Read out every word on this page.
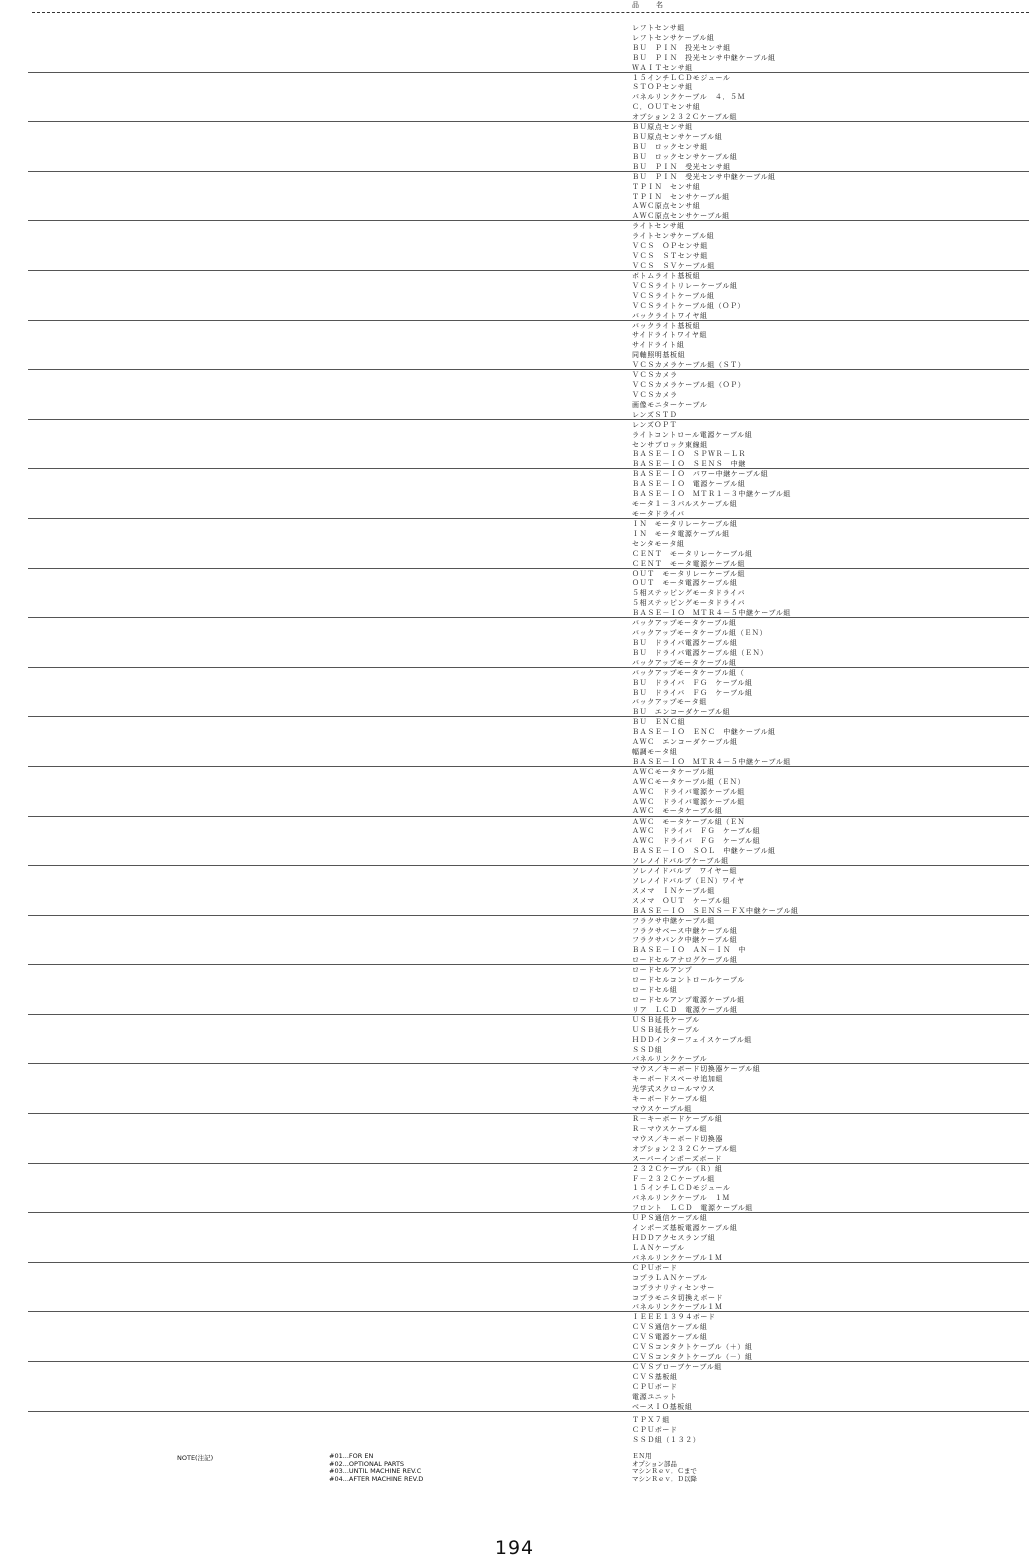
品　名
レフトセンサ組
レフトセンサケーブル組
ＢＵ　ＰＩＮ　投光センサ組
ＢＵ　ＰＩＮ　投光センサ中継ケーブル組
ＷＡＩＴセンサ組
１５インチＬＣＤモジュール
ＳＴＯＰセンサ組
パネルリンクケーブル　４．５Ｍ
Ｃ．ＯＵＴセンサ組
オプション２３２Ｃケーブル組
ＢＵ原点センサ組
ＢＵ原点センサケーブル組
ＢＵ　ロックセンサ組
ＢＵ　ロックセンサケーブル組
ＢＵ　ＰＩＮ　受光センサ組
ＢＵ　ＰＩＮ　受光センサ中継ケーブル組
ＴＰＩＮ　センサ組
ＴＰＩＮ　センサケーブル組
ＡＷＣ原点センサ組
ＡＷＣ原点センサケーブル組
ライトセンサ組
ライトセンサケーブル組
ＶＣＳ　ＯＰセンサ組
ＶＣＳ　ＳＴセンサ組
ＶＣＳ　ＳＶケーブル組
ボトムライト基板組
ＶＣＳライトリレーケーブル組
ＶＣＳライトケーブル組
ＶＣＳライトケーブル組（ＯＰ）
バックライトワイヤ組
バックライト基板組
サイドライトワイヤ組
サイドライト組
同軸照明基板組
ＶＣＳカメラケーブル組（ＳＴ）
ＶＣＳカメラ
ＶＣＳカメラケーブル組（ＯＰ）
ＶＣＳカメラ
画像モニターケーブル
レンズＳＴＤ
レンズＯＰＴ
ライトコントロール電源ケーブル組
センサブロック束線組
ＢＡＳＥ－ＩＯ　ＳＰＷＲ－ＬＲ
ＢＡＳＥ－ＩＯ　ＳＥＮＳ　中継
ＢＡＳＥ－ＩＯ　パワー中継ケーブル組
ＢＡＳＥ－ＩＯ　電源ケーブル組
ＢＡＳＥ－ＩＯ　ＭＴＲ１－３中継ケーブル組
モータ１－３パルスケーブル組
モータドライバ
ＩＮ　モータリレーケーブル組
ＩＮ　モータ電源ケーブル組
センタモータ組
ＣＥＮＴ　モータリレーケーブル組
ＣＥＮＴ　モータ電源ケーブル組
ＯＵＴ　モータリレーケーブル組
ＯＵＴ　モータ電源ケーブル組
５相ステッピングモータドライバ
５相ステッピングモータドライバ
ＢＡＳＥ－ＩＯ　ＭＴＲ４－５中継ケーブル組
バックアップモータケーブル組
バックアップモータケーブル組（ＥＮ）
ＢＵ　ドライバ電源ケーブル組
ＢＵ　ドライバ電源ケーブル組（ＥＮ）
バックアップモータケーブル組
バックアップモータケーブル組（
ＢＵ　ドライバ　ＦＧ　ケーブル組
ＢＵ　ドライバ　ＦＧ　ケーブル組
バックアップモータ組
ＢＵ　エンコーダケーブル組
ＢＵ　ＥＮＣ組
ＢＡＳＥ－ＩＯ　ＥＮＣ　中継ケーブル組
ＡＷＣ　エンコーダケーブル組
幅調モータ組
ＢＡＳＥ－ＩＯ　ＭＴＲ４－５中継ケーブル組
ＡＷＣモータケーブル組
ＡＷＣモータケーブル組（ＥＮ）
ＡＷＣ　ドライバ電源ケーブル組
ＡＷＣ　ドライバ電源ケーブル組
ＡＷＣ　モータケーブル組
ＡＷＣ　モータケーブル組（ＥＮ
ＡＷＣ　ドライバ　ＦＧ　ケーブル組
ＡＷＣ　ドライバ　ＦＧ　ケーブル組
ＢＡＳＥ－ＩＯ　ＳＯＬ　中継ケーブル組
ソレノイドバルブケーブル組
ソレノイドバルブ　ワイヤー組
ソレノイドバルブ（ＥＮ）ワイヤ
スメマ　ＩＮケーブル組
スメマ　ＯＵＴ　ケーブル組
ＢＡＳＥ－ＩＯ　ＳＥＮＳ－ＦＸ中継ケーブル組
フラクサ中継ケーブル組
フラクサベース中継ケーブル組
フラクサバンク中継ケーブル組
ＢＡＳＥ－ＩＯ　ＡＮ－ＩＮ　中
ロードセルアナログケーブル組
ロードセルアンプ
ロードセルコントロールケーブル
ロードセル組
ロードセルアンプ電源ケーブル組
リア　ＬＣＤ　電源ケーブル組
ＵＳＢ延長ケーブル
ＵＳＢ延長ケーブル
ＨＤＤインターフェイスケーブル組
ＳＳＤ組
パネルリンクケーブル
マウス／キーボード切換器ケーブル組
キーボードスペーサ追加組
光学式スクロールマウス
キーボードケーブル組
マウスケーブル組
Ｒ－キーボードケーブル組
Ｒ－マウスケーブル組
マウス／キーボード切換器
オプション２３２Ｃケーブル組
スーパーインポーズボード
２３２Ｃケーブル（Ｒ）組
Ｆ－２３２Ｃケーブル組
１５インチＬＣＤモジュール
パネルリンクケーブル　１Ｍ
フロント　ＬＣＤ　電源ケーブル組
ＵＰＳ通信ケーブル組
インポーズ基板電源ケーブル組
ＨＤＤアクセスランプ組
ＬＡＮケーブル
パネルリンクケーブル１Ｍ
ＣＰＵボード
コプラＬＡＮケーブル
コプラナリティセンサー
コプラモニタ切換えボード
パネルリンクケーブル１Ｍ
ＩＥＥＥ１３９４ボード
ＣＶＳ通信ケーブル組
ＣＶＳ電源ケーブル組
ＣＶＳコンタクトケーブル（＋）組
ＣＶＳコンタクトケーブル（－）組
ＣＶＳプローブケーブル組
ＣＶＳ基板組
ＣＰＵボード
電源ユニット
ベースＩＯ基板組
ＴＰＸ７組
ＣＰＵボード
ＳＳＤ組（１３２）
NOTE(注記)	#01...FOR EN
#02...OPTIONAL PARTS
#03...UNTIL MACHINE REV.C
#04...AFTER MACHINE REV.D
ＥＮ用
オプション部品
マシンＲｅｖ．Ｃまで
マシンＲｅｖ．Ｄ以降
194
